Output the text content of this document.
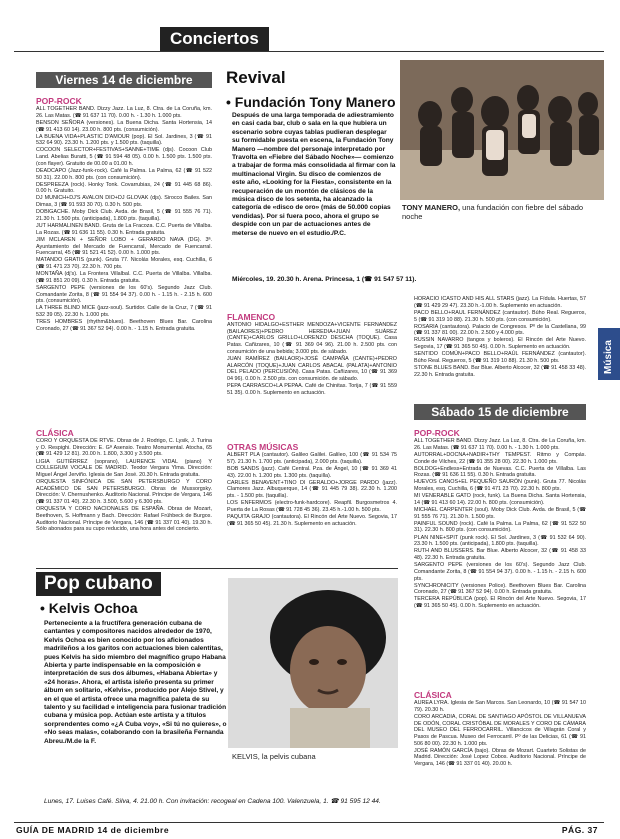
Conciertos
Viernes 14 de diciembre
POP-ROCK

ALL TOGETHER BAND. Dizzy Jazz. La Luz, 8. Ctra. de La Coruña, km. 26. Las Matas. (☎ 91 637 11 70). 0.00 h. - 1.30 h. 1.000 pts.

BENSON SEÑORA (versiones). La Buena Dicha. Santa Hortensia, 14 (☎ 91 413 60 14). 23.00 h. 800 pts. (consumición).

LA BUENA VIDA+PLASTIC D'AMOUR (pop). El Sol. Jardines, 3 (☎ 91 532 64 90). 23.30 h. 1.200 pts. y 1.500 pts. (taquilla).

COCOON SELECTOR+FESTIVAS+SANNE+TIME (djs). Cocoon Club Land. Abelias Buratti, 5 (☎ 91 594 48 05). 0.00 h. 1.500 pts. 1.500 pts. (con flayer). Gratuito de 00.00 a 01.00 h.

DEADCAPO (Jazz-funk-rock). Café la Palma. La Palma, 62 (☎ 91 522 50 31). 22.00 h. 800 pts. (con consumición).

DESPREEZA (rock). Honky Tonk. Covarrubias, 24 (☎ 91 445 68 86). 0.00 h. Gratuito.

DJ MUNICH+DJ'S AVALON DIO+DJ GLOVAK (djs). Sirocco Bailes. San Dimas, 3 (☎ 91 593 30 70). 0.30 h. 500 pts.

DOBIGACHE. Moby Dick Club. Avda. de Brasil, 5 (☎ 91 555 76 71). 21.30 h. 1.500 pts. (anticipada), 1.800 pts. (taquilla).

JUT HARMALINEN BAND. Gruta de La Fracoza. C.C. Puerta de Villalba. La Rozas. (☎ 91 636 11 55). 0.30 h. Entrada gratuita.

JIM MCLAREN + SEÑOR LOBO + GERARDO NAVA (DG). 3ª. Ayuntamiento del Mercado de Fuencarral, Mercado de Fuencarral. Fuencarral, 45 (☎ 91 521 41 52). 0.00 h. 1.000 pts.

MATANDO GRATIS (punk). Gruta 77. Nicolás Morales, esq. Cuchilla, 6 (☎ 91 471 23 70). 22.30 h. 700 pts.

MONTAÑA (dj's). La Frontera Villalbal. C.C. Puerta de Villalba. Villalba. (☎ 91 851 20 09). 0.30 h. Entrada gratuita.

SARGENTO PEPE (versiones de los 60's). Segundo Jazz Club. Comandante Zorita, 8 (☎ 91 554 94 37). 0.00 h. - 1.15 h. - 2.15 h. 600 pts. (consumición).

LA THREE BLIND MICE (jazz-soul). Surtidor. Calle de la Cruz, 7 (☎ 91 532 39 05). 22.30 h. 1.000 pts.

TRES HOMBRES (rhythm&blues). Beethoven Blues Bar. Carolina Coronado, 27 (☎ 91 367 52 94). 0.00 h. - 1.15 h. Entrada gratuita.

CLÁSICA

CORO Y ORQUESTA DE RTVE. Obras de J. Rodrigo, C. Lysik, J. Turina y O. Respighi. Dirección: E. Gª Asensio. Teatro Monumental. Atocha, 65 (☎ 91 429 12 81). 20.00 h. 1.800, 3.300 y 3.500 pts.

LIGIA GUTIÉRREZ (soprano), LAURENCE VIDAL (piano) Y COLLEGIUM VOCALE DE MADRID. Teodor Vergara Ylma. Dirección: Miguel Ángel Jerviño. Iglesia de San José. 20.30 h. Entrada gratuita.

ORQUESTA SINFÓNICA DE SAN PETERSBURGO Y CORO ACADÉMICO DE SAN PETERSBURGO. Obras de Mussorgsky. Dirección: V. Chernushenko. Auditorio Nacional. Príncipe de Vergara, 146 (☎ 91 337 01 40). 22.30 h. 3.500, 5.600 y 6.300 pts.

ORQUESTA Y CORO NACIONALES DE ESPAÑA. Obras de Mozart, Beethoven, S. Hoffmann y Bach. Dirección: Rafael Frühbeck de Burgos. Auditorio Nacional. Príncipe de Vergara, 146 (☎ 91 337 01 40). 19.30 h. Sólo abonados para su cupo reducido, una hora antes del concierto.

Revival
• Fundación Tony Manero
Después de una larga temporada de adiestramiento en casi cada bar, club o sala en la que hubiera un escenario sobre cuyas tablas pudieran desplegar su formidable puesta en escena, la Fundación Tony Manero —nombre del personaje interpretado por Travolta en «Fiebre del Sábado Noche»— comienzo a trabajar de forma más consolidada al firmar con la multinacional Virgin. Su disco de comienzos de este año, «Looking for la Fiesta», consistente en la recuperación de un montón de clásicos de la música disco de los setenta, ha alcanzado la categoría de «disco de oro» (más de 50.000 copias vendidas). Por si fuera poco, ahora el grupo se despide con un par de actuaciones antes de meterse de nuevo en el estudio./P.C.
TONY MANERO, una fundación con fiebre del sábado noche
Miércoles, 19. 20.30 h. Arena. Princesa, 1 (☎ 91 547 57 11).
FLAMENCO

ANTONIO HIDALGO+ESTHER MENDOZA+VICENTE FERNÁNDEZ (BAILAORES)+PEDRO HEREDIA+JUAN SUÁREZ (CANTE)+CARLOS GRILLO+LORENZO DESCHA (TOQUE). Casa Patas. Cañizares, 10 (☎ 91 369 04 96). 21.00 h. 2.500 pts. con consumición de una bebida; 3.000 pts. de sábado.

JUAN RAMÍREZ (BAILAOR)+JOSÉ CAMPAÑA (CANTE)+PEDRO ALARCÓN (TOQUE)+JUAN CARLOS ABACAL (PALATA)+ANTONIO DEL PELADO (PERCUSIÓN). Casa Patas. Cañizares, 10 (☎ 91 369 04 96). 0.00 h. 2.500 pts. con consumición. de sábado.

PEPA CARRASCO+LA PEPAA. Café de Chinitas. Torija, 7 (☎ 91 559 51 35). 0.00 h. Suplemento en actuación.

OTRAS MÚSICAS

ALBERT PLA (cantautor). Galileo Galilei. Galileo, 100 (☎ 91 534 75 57). 21.30 h. 1.700 pts. (anticipada), 2.000 pts. (taquilla).

BOB SANDS (jazz). Café Central. Pza. de Ángel, 10 (☎ 91 369 41 43). 22.00 h. 1.200 pts. 1.300 pts. (taquilla).

CARLES BENAVENT+TINO DI GERALDO+JORGE PARDO (jazz). Clamores Jazz. Albuquerque, 14 (☎ 91 445 79 38). 22.30 h. 1.200 pts. - 1.500 pts. (taquilla).

LOS ENFERMOS (electro-funk-hardcore). Reapfil. Burgosmetros 4. Puerta de La Rosas (☎ 91 728 45 36). 23.45 h.-1.00 h. 500 pts.

PAQUITA GRAJO (cantautora). El Rincón del Arte Nuevo. Segovia, 17 (☎ 91 365 50 45). 21.30 h. Suplemento en actuación.

HORACIO ICASTO AND HIS ALL STARS (jazz). La Fídula. Huertas, 57 (☎ 91 429 29 47). 23.30 h.-1.00 h. Suplemento en actuación.

PACO BELLO+RAUL FERNÁNDEZ (cantautor). Búho Real. Regueros, 5 (☎ 91 319 10 88). 21.30 h. 500 pts. (con consumición).

ROSARIA (cantautora). Palacio de Congresos. Pº de la Castellana, 99 (☎ 91 337 81 00). 22.00 h. 2.500 y 4.000 pts.

RUSSIN NAVARRO (tangos y boleros). El Rincón del Arte Nuevo. Segovia, 17 (☎ 91 365 50 45). 0.00 h. Suplemento en actuación.

SENTIDO COMÚN+PACO BELLO+RAÚL FERNÁNDEZ (cantautor). Búho Real. Regueros, 5 (☎ 91 319 10 88). 21.30 h. 500 pts.

STONE BLUES BAND. Bar Blue. Alberto Alcocer, 32 (☎ 91 458 33 48). 22.30 h. Entrada gratuita.

Sábado 15 de diciembre
POP-ROCK

ALL TOGETHER BAND. Dizzy Jazz. La Luz, 8. Ctra. de La Coruña, km. 26. Las Matas. (☎ 91 637 11 70). 0.00 h. - 1.30 h. 1.000 pts.

AUTORRAL+DOCNA+NADIR+THY TEMPEST. Ritmo y Compás. Conde de Vilches, 22 (☎ 91 355 28 00). 22.30 h. 1.000 pts.

BOLDOG+Endless+Entrada de Nuevas. C.C. Puerta de Villalba. Las Rozas. (☎ 91 636 11 55). 0.30 h. Entrada gratuita.

HUEVOS CANOS+EL PEQUEÑO SAURÓN (punk). Gruta 77. Nicolás Morales, esq. Cuchilla, 6 (☎ 91 471 23 70). 22.30 h. 800 pts.

MI VENERABLE GATO (rock, funk). La Buena Dicha. Santa Hortensia, 14 (☎ 91 413 60 14). 22.00 h. 800 pts. (consumición).

MICHAEL CARPENTER (soul). Moby Dick Club. Avda. de Brasil, 5 (☎ 91 555 76 71). 21.30 h. 1.500 pts.

PAINFUL SOUND (rock). Café la Palma. La Palma, 62 (☎ 91 522 50 31). 22.30 h. 800 pts. (con consumición).

PLAN NINE+SPIT (punk rock). El Sol. Jardines, 3 (☎ 91 532 64 90). 23.30 h. 1.500 pts. (anticipada), 1.800 pts. (taquilla).

RUTH AND BLUSSERS. Bar Blue. Alberto Alcocer, 32 (☎ 91 458 33 48). 22.30 h. Entrada gratuita.

SARGENTO PEPE (versiones de los 60's). Segundo Jazz Club. Comandante Zorita, 8 (☎ 91 554 94 37). 0.00 h. - 1.15 h. - 2.15 h. 600 pts.

SYNCHRONICITY (versiones Police). Beethoven Blues Bar. Carolina Coronado, 27 (☎ 91 367 52 94). 0.00 h. Entrada gratuita.

TERCERA REPÚBLICA (pop). El Rincón del Arte Nuevo. Segovia, 17 (☎ 91 365 50 45). 0.00 h. Suplemento en actuación.

CLÁSICA

AUREA LYRA. Iglesia de San Marcos. San Leonardo, 10 (☎ 91 547 10 79). 20.30 h.

CORO ARCADIA, CORAL DE SANTIAGO APÓSTOL DE VILLANUEVA DE ODÓN, CORAL CRISTÓBAL DE MORALES Y CORO DE CÁMARA DEL MUSEO DEL FERROCARRIL. Villancicos de Villagrán Coral y Pasos de Pascua. Museo del Ferrocarril. Pº de las Delicias, 61 (☎ 91 506 80 00). 22.30 h. 1.000 pts.

JOSÉ RAMÓN GARCÍA (bajo). Obras de Mozart. Cuarteto Solistas de Madrid. Dirección: José Lopez Cobos. Auditorio Nacional. Príncipe de Vergara, 146 (☎ 91 337 01 40). 20.00 h.

Pop cubano
• Kelvis Ochoa
Perteneciente a la fructífera generación cubana de cantantes y compositores nacidos alrededor de 1970, Kelvis Ochoa es bien conocido por los aficionados madrileños a los garitos con actuaciones bien calentitas, pues Kelvis ha sido miembro del magnífico grupo Habana Abierta y parte indispensable en la composición e interpretación de sus dos álbumes, «Habana Abierta» y «24 horas». Ahora, el artista isleño presenta su primer álbum en solitario, «Kelvis», producido por Alejo Stivel, y en el que el artista ofrece una magnífica paleta de su talento y su facilidad e inteligencia para fusionar tradición cubana y música pop. Actúan este artista y a títulos sorprendentes como «¿A Cuba voy», «Si tú no quieres», o «No seas malas», colaborando con la brasileña Fernanda Abreu./M.de la F.
KELVIS, la pelvis cubana
Lunes, 17. Luises Café. Silva, 4. 21.00 h. Con invitación: recogeal en Cadena 100. Valenzuela, 1. ☎ 91 595 12 44.
Música
GUÍA DE MADRID 14 de diciembre	PÁG. 37
